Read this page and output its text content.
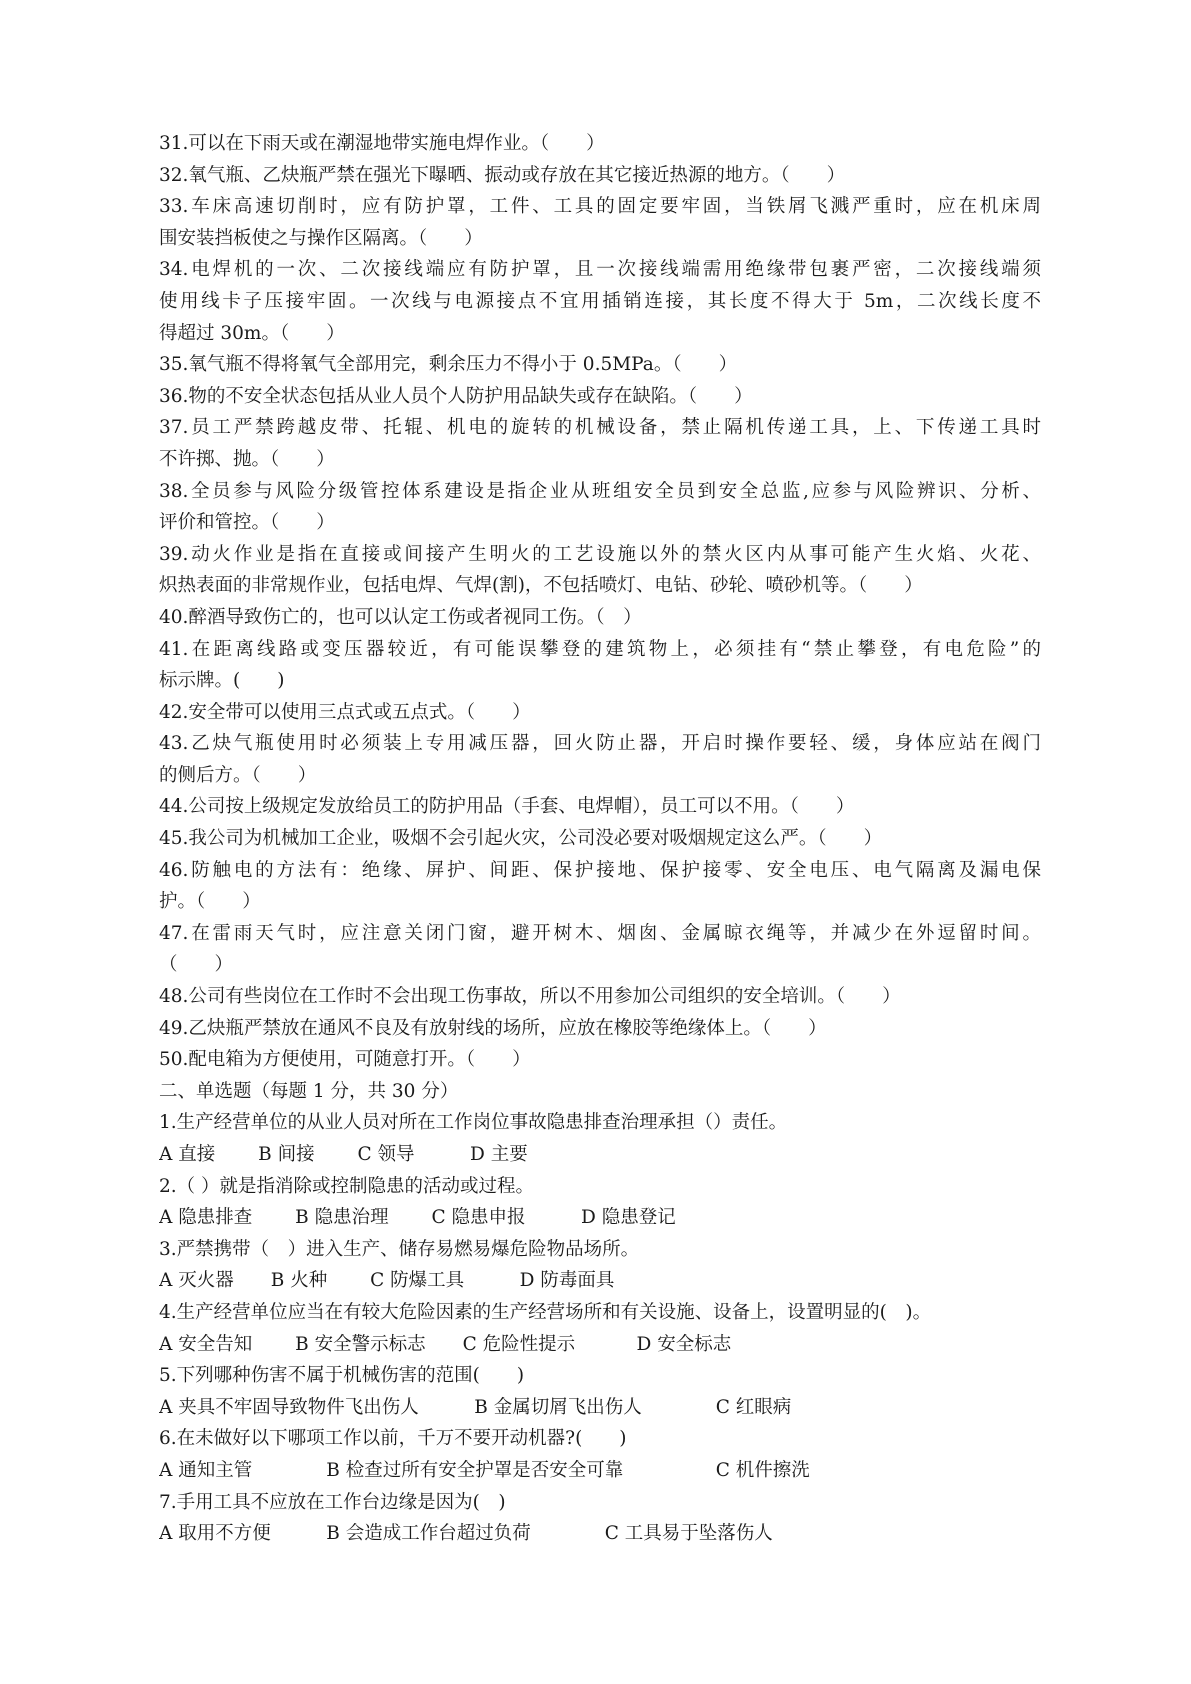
31.可以在下雨天或在潮湿地带实施电焊作业。（　　）
32.氧气瓶、乙炔瓶严禁在强光下曝晒、振动或存放在其它接近热源的地方。（　　）
33.车床高速切削时，应有防护罩，工件、工具的固定要牢固，当铁屑飞溅严重时，应在机床周
围安装挡板使之与操作区隔离。（　　）
34.电焊机的一次、二次接线端应有防护罩，且一次接线端需用绝缘带包裹严密，二次接线端须
使用线卡子压接牢固。一次线与电源接点不宜用插销连接，其长度不得大于 5m，二次线长度不
得超过 30m。（　　）
35.氧气瓶不得将氧气全部用完，剩余压力不得小于 0.5MPa。（　　）
36.物的不安全状态包括从业人员个人防护用品缺失或存在缺陷。（　　）
37.员工严禁跨越皮带、托辊、机电的旋转的机械设备，禁止隔机传递工具，上、下传递工具时
不许掷、抛。（　　）
38.全员参与风险分级管控体系建设是指企业从班组安全员到安全总监,应参与风险辨识、分析、
评价和管控。（　　）
39.动火作业是指在直接或间接产生明火的工艺设施以外的禁火区内从事可能产生火焰、火花、
炽热表面的非常规作业，包括电焊、气焊(割)，不包括喷灯、电钻、砂轮、喷砂机等。（　　）
40.醉酒导致伤亡的，也可以认定工伤或者视同工伤。（　）
41.在距离线路或变压器较近，有可能误攀登的建筑物上，必须挂有“禁止攀登，有电危险”的
标示牌。(　　)
42.安全带可以使用三点式或五点式。（　　）
43.乙炔气瓶使用时必须装上专用减压器，回火防止器，开启时操作要轻、缓，身体应站在阀门
的侧后方。（　　）
44.公司按上级规定发放给员工的防护用品（手套、电焊帽），员工可以不用。（　　）
45.我公司为机械加工企业，吸烟不会引起火灾，公司没必要对吸烟规定这么严。（　　）
46.防触电的方法有：绝缘、屏护、间距、保护接地、保护接零、安全电压、电气隔离及漏电保
护。（　　）
47.在雷雨天气时，应注意关闭门窗，避开树木、烟囱、金属晾衣绳等，并减少在外逗留时间。
（　　）
48.公司有些岗位在工作时不会出现工伤事故，所以不用参加公司组织的安全培训。（　　）
49.乙炔瓶严禁放在通风不良及有放射线的场所，应放在橡胶等绝缘体上。（　　）
50.配电箱为方便使用，可随意打开。（　　）
二、单选题（每题 1 分，共 30 分）
1.生产经营单位的从业人员对所在工作岗位事故隐患排查治理承担（）责任。
A 直接　　 B 间接　　 C 领导　　　D 主要
2.（ ）就是指消除或控制隐患的活动或过程。
A 隐患排查　　 B 隐患治理　　 C 隐患申报　　　D 隐患登记
3.严禁携带（　）进入生产、储存易燃易爆危险物品场所。
A 灭火器　　B 火种　　 C 防爆工具　　　D 防毒面具
4.生产经营单位应当在有较大危险因素的生产经营场所和有关设施、设备上，设置明显的(　)。
A 安全告知　　 B 安全警示标志　　C 危险性提示　　　 D 安全标志
5.下列哪种伤害不属于机械伤害的范围(　　)
A 夹具不牢固导致物件飞出伤人　　　B 金属切屑飞出伤人　　　　C 红眼病
6.在未做好以下哪项工作以前，千万不要开动机器?(　　)
A 通知主管　　　　B 检查过所有安全护罩是否安全可靠　　　　　C 机件擦洗
7.手用工具不应放在工作台边缘是因为(　)
A 取用不方便　　　B 会造成工作台超过负荷　　　　C 工具易于坠落伤人
